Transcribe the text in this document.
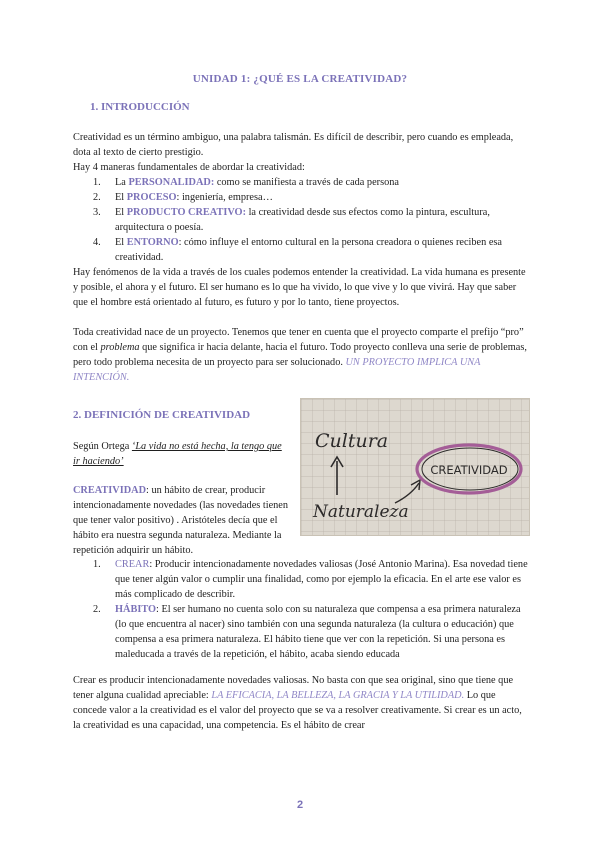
UNIDAD 1: ¿QUÉ ES LA CREATIVIDAD?
1. INTRODUCCIÓN

Creatividad es un término ambiguo, una palabra talismán. Es difícil de describir, pero cuando es empleada, dota al texto de cierto prestigio.

Hay 4 maneras fundamentales de abordar la creatividad:

1. La PERSONALIDAD: como se manifiesta a través de cada persona
2. El PROCESO: ingeniería, empresa…
3. El PRODUCTO CREATIVO: la creatividad desde sus efectos como la pintura, escultura, arquitectura o poesía.
4. El ENTORNO: cómo influye el entorno cultural en la persona creadora o quienes reciben esa creatividad.

Hay fenómenos de la vida a través de los cuales podemos entender la creatividad. La vida humana es presente y posible, el ahora y el futuro. El ser humano es lo que ha vivido, lo que vive y lo que vivirá. Hay que saber que el hombre está orientado al futuro, es futuro y por lo tanto, tiene proyectos.

Toda creatividad nace de un proyecto. Tenemos que tener en cuenta que el proyecto comparte el prefijo “pro” con el problema que significa ir hacia delante, hacia el futuro. Todo proyecto conlleva una serie de problemas, pero todo problema necesita de un proyecto para ser solucionado. UN PROYECTO IMPLICA UNA INTENCIÓN.

2. DEFINICIÓN DE CREATIVIDAD

Según Ortega ‘La vida no está hecha, la tengo que ir haciendo’

Cultura
Naturaleza
CREATIVIDAD

CREATIVIDAD: un hábito de crear, producir intencionadamente novedades (las novedades tienen que tener valor positivo) . Aristóteles decía que el hábito era nuestra segunda naturaleza. Mediante la repetición adquirir un hábito.

1. CREAR: Producir intencionadamente novedades valiosas (José Antonio Marina). Esa novedad tiene que tener algún valor o cumplir una finalidad, como por ejemplo la eficacia. En el arte ese valor es más complicado de describir.
2. HÁBITO: El ser humano no cuenta solo con su naturaleza que compensa a esa primera naturaleza (lo que encuentra al nacer) sino también con una segunda naturaleza (la cultura o educación) que compensa a esa primera naturaleza. El hábito tiene que ver con la repetición. Si una persona es maleducada a través de la repetición, el hábito, acaba siendo educada

Crear es producir intencionadamente novedades valiosas. No basta con que sea original, sino que tiene que tener alguna cualidad apreciable: LA EFICACIA, LA BELLEZA, LA GRACIA Y LA UTILIDAD. Lo que concede valor a la creatividad es el valor del proyecto que se va a resolver creativamente. Si crear es un acto, la creatividad es una capacidad, una competencia. Es el hábito de crear

2
